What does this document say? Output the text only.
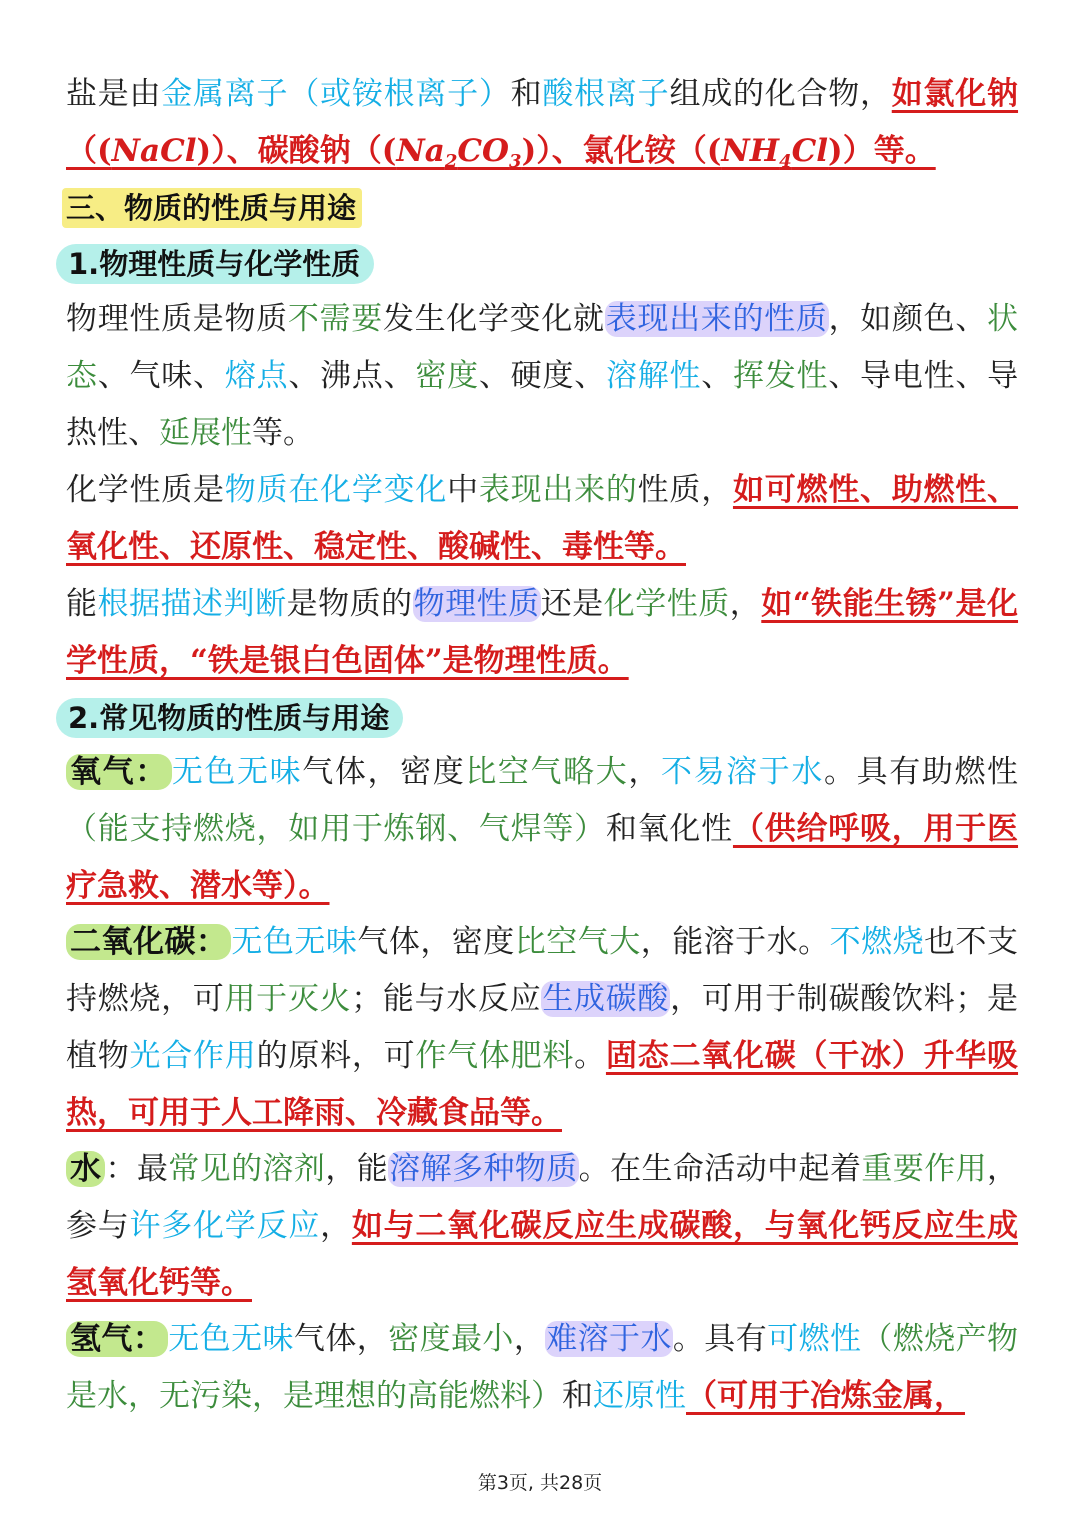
盐是由金属离子（或铵根离子）和酸根离子组成的化合物，如氯化钠（(NaCl)）、碳酸钠$((Na_2CO_3))$、氯化铵$((NH_4Cl))$等。
三、物质的性质与用途
1.物理性质与化学性质
物理性质是物质不需要发生化学变化就表现出来的性质，如颜色、状态、气味、熔点、沸点、密度、硬度、溶解性、挥发性、导电性、导热性、延展性等。
化学性质是物质在化学变化中表现出来的性质，如可燃性、助燃性、氧化性、还原性、稳定性、酸碱性、毒性等。
能根据描述判断是物质的物理性质还是化学性质，如“铁能生锈”是化学性质，“铁是银白色固体”是物理性质。
2.常见物质的性质与用途
氧气： 无色无味气体，密度比空气略大，不易溶于水。具有助燃性（能支持燃烧，如用于炼钢、气焊等）和氧化性（供给呼吸，用于医疗急救、潜水等）。
二氧化碳： 无色无味气体，密度比空气大，能溶于水。不燃烧也不支持燃烧，可用于灭火；能与水反应生成碳酸，可用于制碳酸饮料；是植物光合作用的原料，可作气体肥料。固态二氧化碳（干冰）升华吸热，可用于人工降雨、冷藏食品等。
水 ：最常见的溶剂，能溶解多种物质。在生命活动中起着重要作用，参与许多化学反应，如与二氧化碳反应生成碳酸，与氧化钙反应生成氢氧化钙等。
氢气： 无色无味气体，密度最小，难溶于水。具有可燃性（燃烧产物是水，无污染，是理想的高能燃料）和还原性（可用于冶炼金属，
第3页, 共28页
